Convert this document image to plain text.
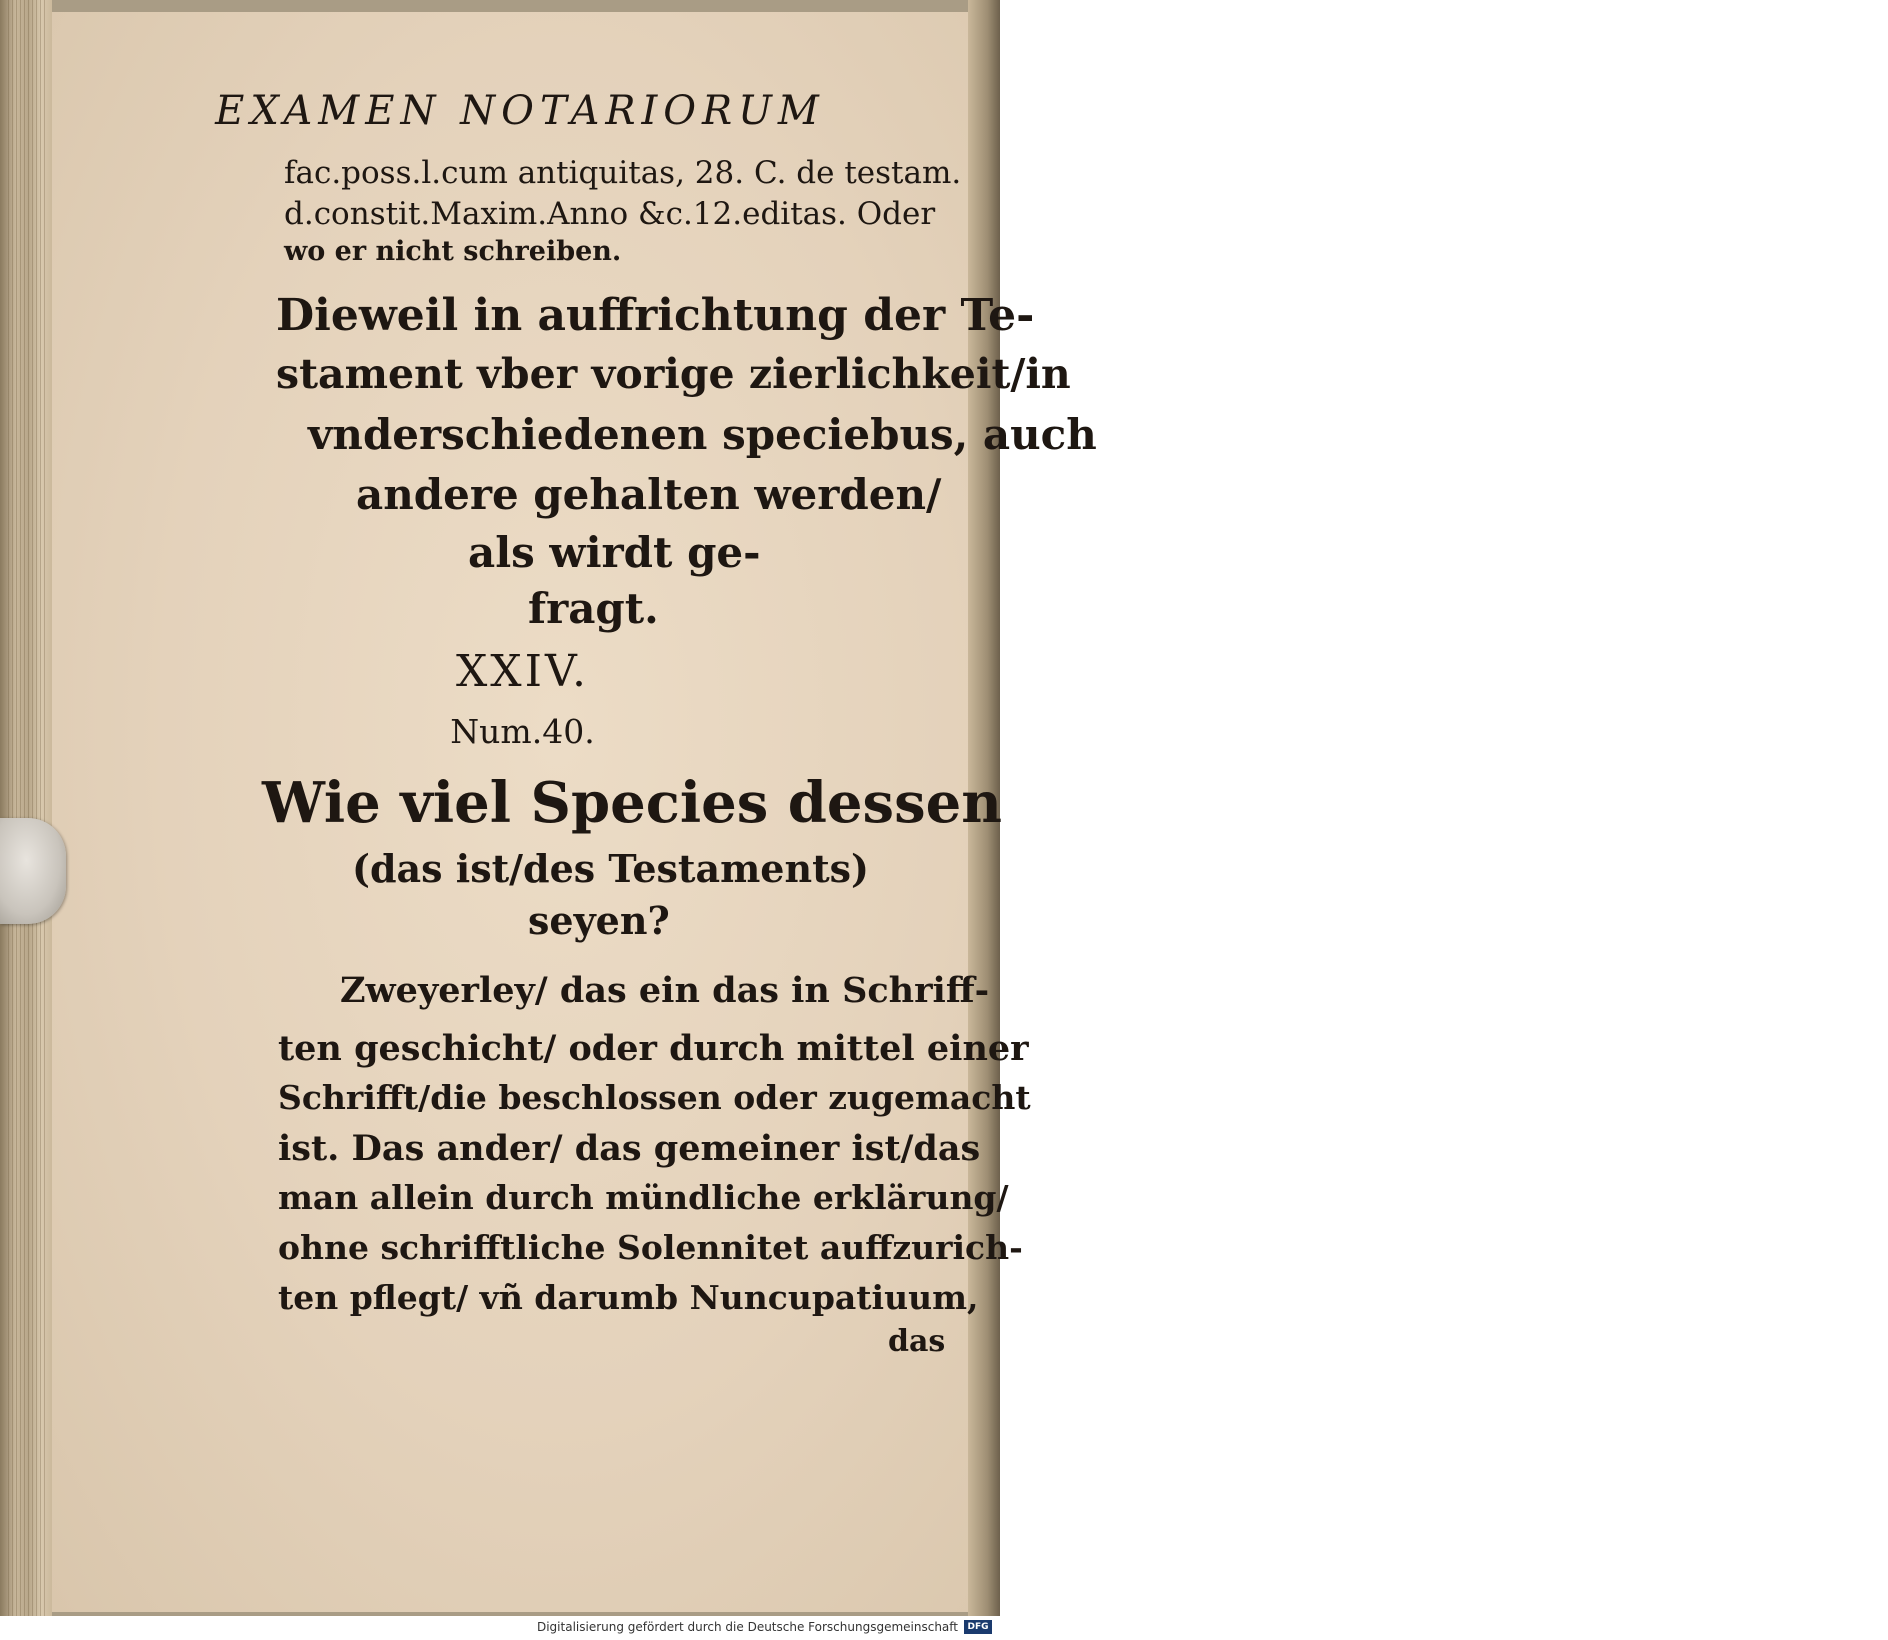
EXAMEN NOTARIORUM
fac.poss.l.cum antiquitas, 28. C. de testam.
d.constit.Maxim.Anno &c.12.editas. Oder
wo er nicht schreiben.
Dieweil in auffrichtung der Te-
stament vber vorige zierlichkeit/in
vnderschiedenen speciebus, auch
andere gehalten werden/
als wirdt ge-
fragt.
XXIV.
Num.40.
Wie viel Species dessen
(das ist/des Testaments)
seyen?
Zweyerley/ das ein das in Schriff-
ten geschicht/ oder durch mittel einer
Schrifft/die beschlossen oder zugemacht
ist. Das ander/ das gemeiner ist/das
man allein durch mündliche erklärung/
ohne schrifftliche Solennitet auffzurich-
ten pflegt/ vñ darumb Nuncupatiuum,
das
Digitalisierung gefördert durch die Deutsche Forschungsgemeinschaft	DFG
